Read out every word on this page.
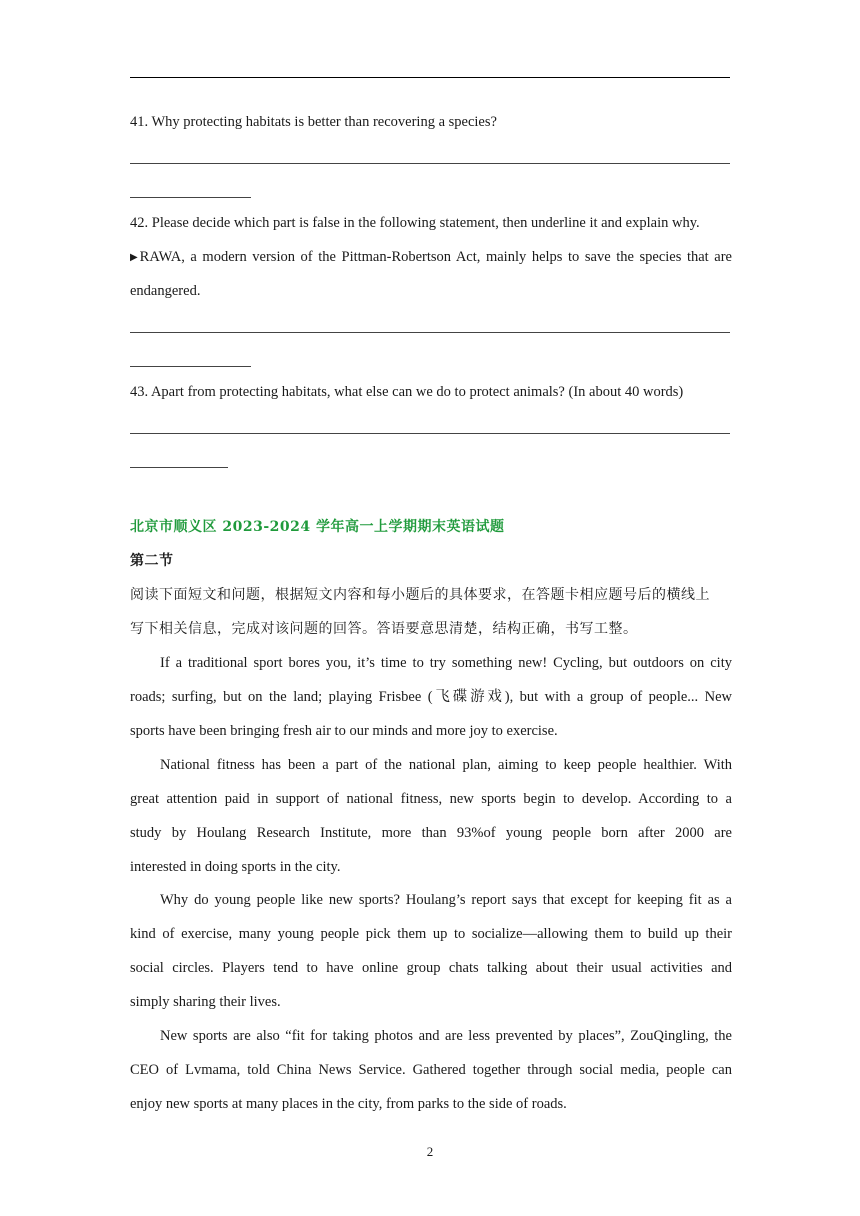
41. Why protecting habitats is better than recovering a species?
42. Please decide which part is false in the following statement, then underline it and explain why.
▶RAWA, a modern version of the Pittman-Robertson Act, mainly helps to save the species that are
endangered.
43. Apart from protecting habitats, what else can we do to protect animals? (In about 40 words)
北京市顺义区 2023-2024 学年高一上学期期末英语试题
第二节
阅读下面短文和问题，根据短文内容和每小题后的具体要求，在答题卡相应题号后的横线上
写下相关信息，完成对该问题的回答。答语要意思清楚，结构正确，书写工整。
If a traditional sport bores you, it’s time to try something new! Cycling, but outdoors on city
roads; surfing, but on the land; playing Frisbee (飞碟游戏), but with a group of people... New
sports have been bringing fresh air to our minds and more joy to exercise.
National fitness has been a part of the national plan, aiming to keep people healthier. With
great attention paid in support of national fitness, new sports begin to develop. According to a
study by Houlang Research Institute, more than 93%of young people born after 2000 are
interested in doing sports in the city.
Why do young people like new sports? Houlang’s report says that except for keeping fit as a
kind of exercise, many young people pick them up to socialize—allowing them to build up their
social circles. Players tend to have online group chats talking about their usual activities and
simply sharing their lives.
New sports are also “fit for taking photos and are less prevented by places”, ZouQingling, the
CEO of Lvmama, told China News Service. Gathered together through social media, people can
enjoy new sports at many places in the city, from parks to the side of roads.
2
